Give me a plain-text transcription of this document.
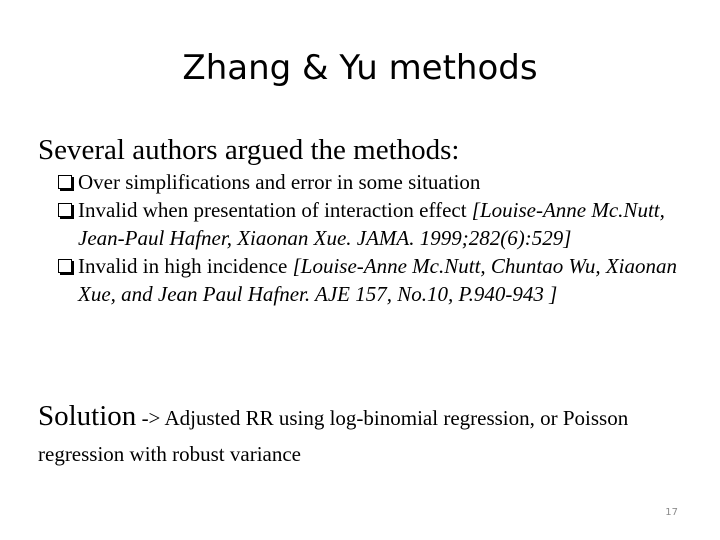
Zhang & Yu methods

Several authors argued the methods:

Over simplifications and error in some situation
Invalid when presentation of interaction effect [Louise-Anne Mc.Nutt, Jean-Paul Hafner, Xiaonan Xue. JAMA. 1999;282(6):529]
Invalid in high incidence [Louise-Anne Mc.Nutt, Chuntao Wu, Xiaonan Xue, and Jean Paul Hafner. AJE 157, No.10, P.940-943 ]

Solution -> Adjusted RR using log-binomial regression, or Poisson regression with robust variance

17
